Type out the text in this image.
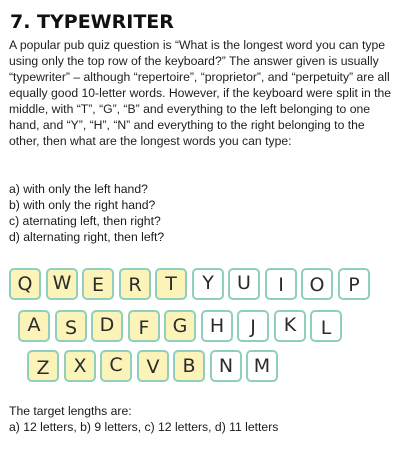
7. TYPEWRITER

A popular pub quiz question is “What is the longest word you can type using only the top row of the keyboard?” The answer given is usually “typewriter” – although “repertoire”, “proprietor”, and “perpetuity” are all equally good 10-letter words. However, if the keyboard were split in the middle, with “T”, “G”, “B” and everything to the left belonging to one hand, and “Y”, “H”, “N” and everything to the right belonging to the other, then what are the longest words you can type:

a) with only the left hand?
b) with only the right hand?
c) aternating left, then right?
d) alternating right, then left?
Q W E R T Y U I O P
A S D F G H J K L
Z X C V B N M

The target lengths are:

a) 12 letters, b) 9 letters, c) 12 letters, d) 11 letters
